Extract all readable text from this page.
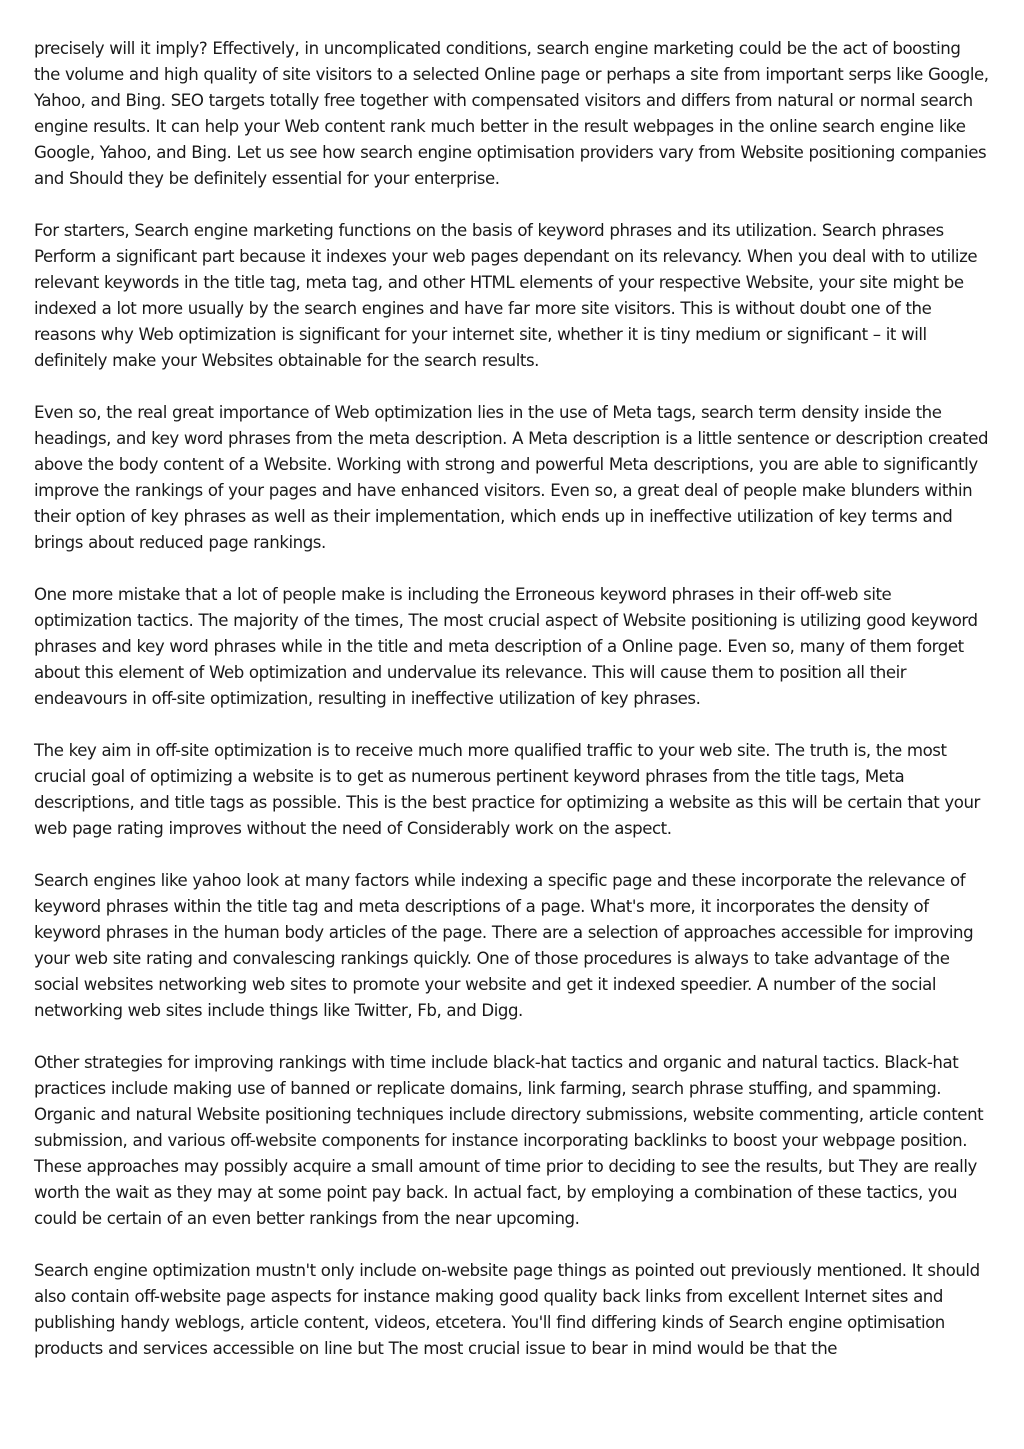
precisely will it imply? Effectively, in uncomplicated conditions, search engine marketing could be the act of boosting the volume and high quality of site visitors to a selected Online page or perhaps a site from important serps like Google, Yahoo, and Bing. SEO targets totally free together with compensated visitors and differs from natural or normal search engine results. It can help your Web content rank much better in the result webpages in the online search engine like Google, Yahoo, and Bing. Let us see how search engine optimisation providers vary from Website positioning companies and Should they be definitely essential for your enterprise.

For starters, Search engine marketing functions on the basis of keyword phrases and its utilization. Search phrases Perform a significant part because it indexes your web pages dependant on its relevancy. When you deal with to utilize relevant keywords in the title tag, meta tag, and other HTML elements of your respective Website, your site might be indexed a lot more usually by the search engines and have far more site visitors. This is without doubt one of the reasons why Web optimization is significant for your internet site, whether it is tiny medium or significant – it will definitely make your Websites obtainable for the search results.

Even so, the real great importance of Web optimization lies in the use of Meta tags, search term density inside the headings, and key word phrases from the meta description. A Meta description is a little sentence or description created above the body content of a Website. Working with strong and powerful Meta descriptions, you are able to significantly improve the rankings of your pages and have enhanced visitors. Even so, a great deal of people make blunders within their option of key phrases as well as their implementation, which ends up in ineffective utilization of key terms and brings about reduced page rankings.

One more mistake that a lot of people make is including the Erroneous keyword phrases in their off-web site optimization tactics. The majority of the times, The most crucial aspect of Website positioning is utilizing good keyword phrases and key word phrases while in the title and meta description of a Online page. Even so, many of them forget about this element of Web optimization and undervalue its relevance. This will cause them to position all their endeavours in off-site optimization, resulting in ineffective utilization of key phrases.

The key aim in off-site optimization is to receive much more qualified traffic to your web site. The truth is, the most crucial goal of optimizing a website is to get as numerous pertinent keyword phrases from the title tags, Meta descriptions, and title tags as possible. This is the best practice for optimizing a website as this will be certain that your web page rating improves without the need of Considerably work on the aspect.

Search engines like yahoo look at many factors while indexing a specific page and these incorporate the relevance of keyword phrases within the title tag and meta descriptions of a page. What's more, it incorporates the density of keyword phrases in the human body articles of the page. There are a selection of approaches accessible for improving your web site rating and convalescing rankings quickly. One of those procedures is always to take advantage of the social websites networking web sites to promote your website and get it indexed speedier. A number of the social networking web sites include things like Twitter, Fb, and Digg.

Other strategies for improving rankings with time include black-hat tactics and organic and natural tactics. Black-hat practices include making use of banned or replicate domains, link farming, search phrase stuffing, and spamming. Organic and natural Website positioning techniques include directory submissions, website commenting, article content submission, and various off-website components for instance incorporating backlinks to boost your webpage position. These approaches may possibly acquire a small amount of time prior to deciding to see the results, but They are really worth the wait as they may at some point pay back. In actual fact, by employing a combination of these tactics, you could be certain of an even better rankings from the near upcoming.

Search engine optimization mustn't only include on-website page things as pointed out previously mentioned. It should also contain off-website page aspects for instance making good quality back links from excellent Internet sites and publishing handy weblogs, article content, videos, etcetera. You'll find differing kinds of Search engine optimisation products and services accessible on line but The most crucial issue to bear in mind would be that the
